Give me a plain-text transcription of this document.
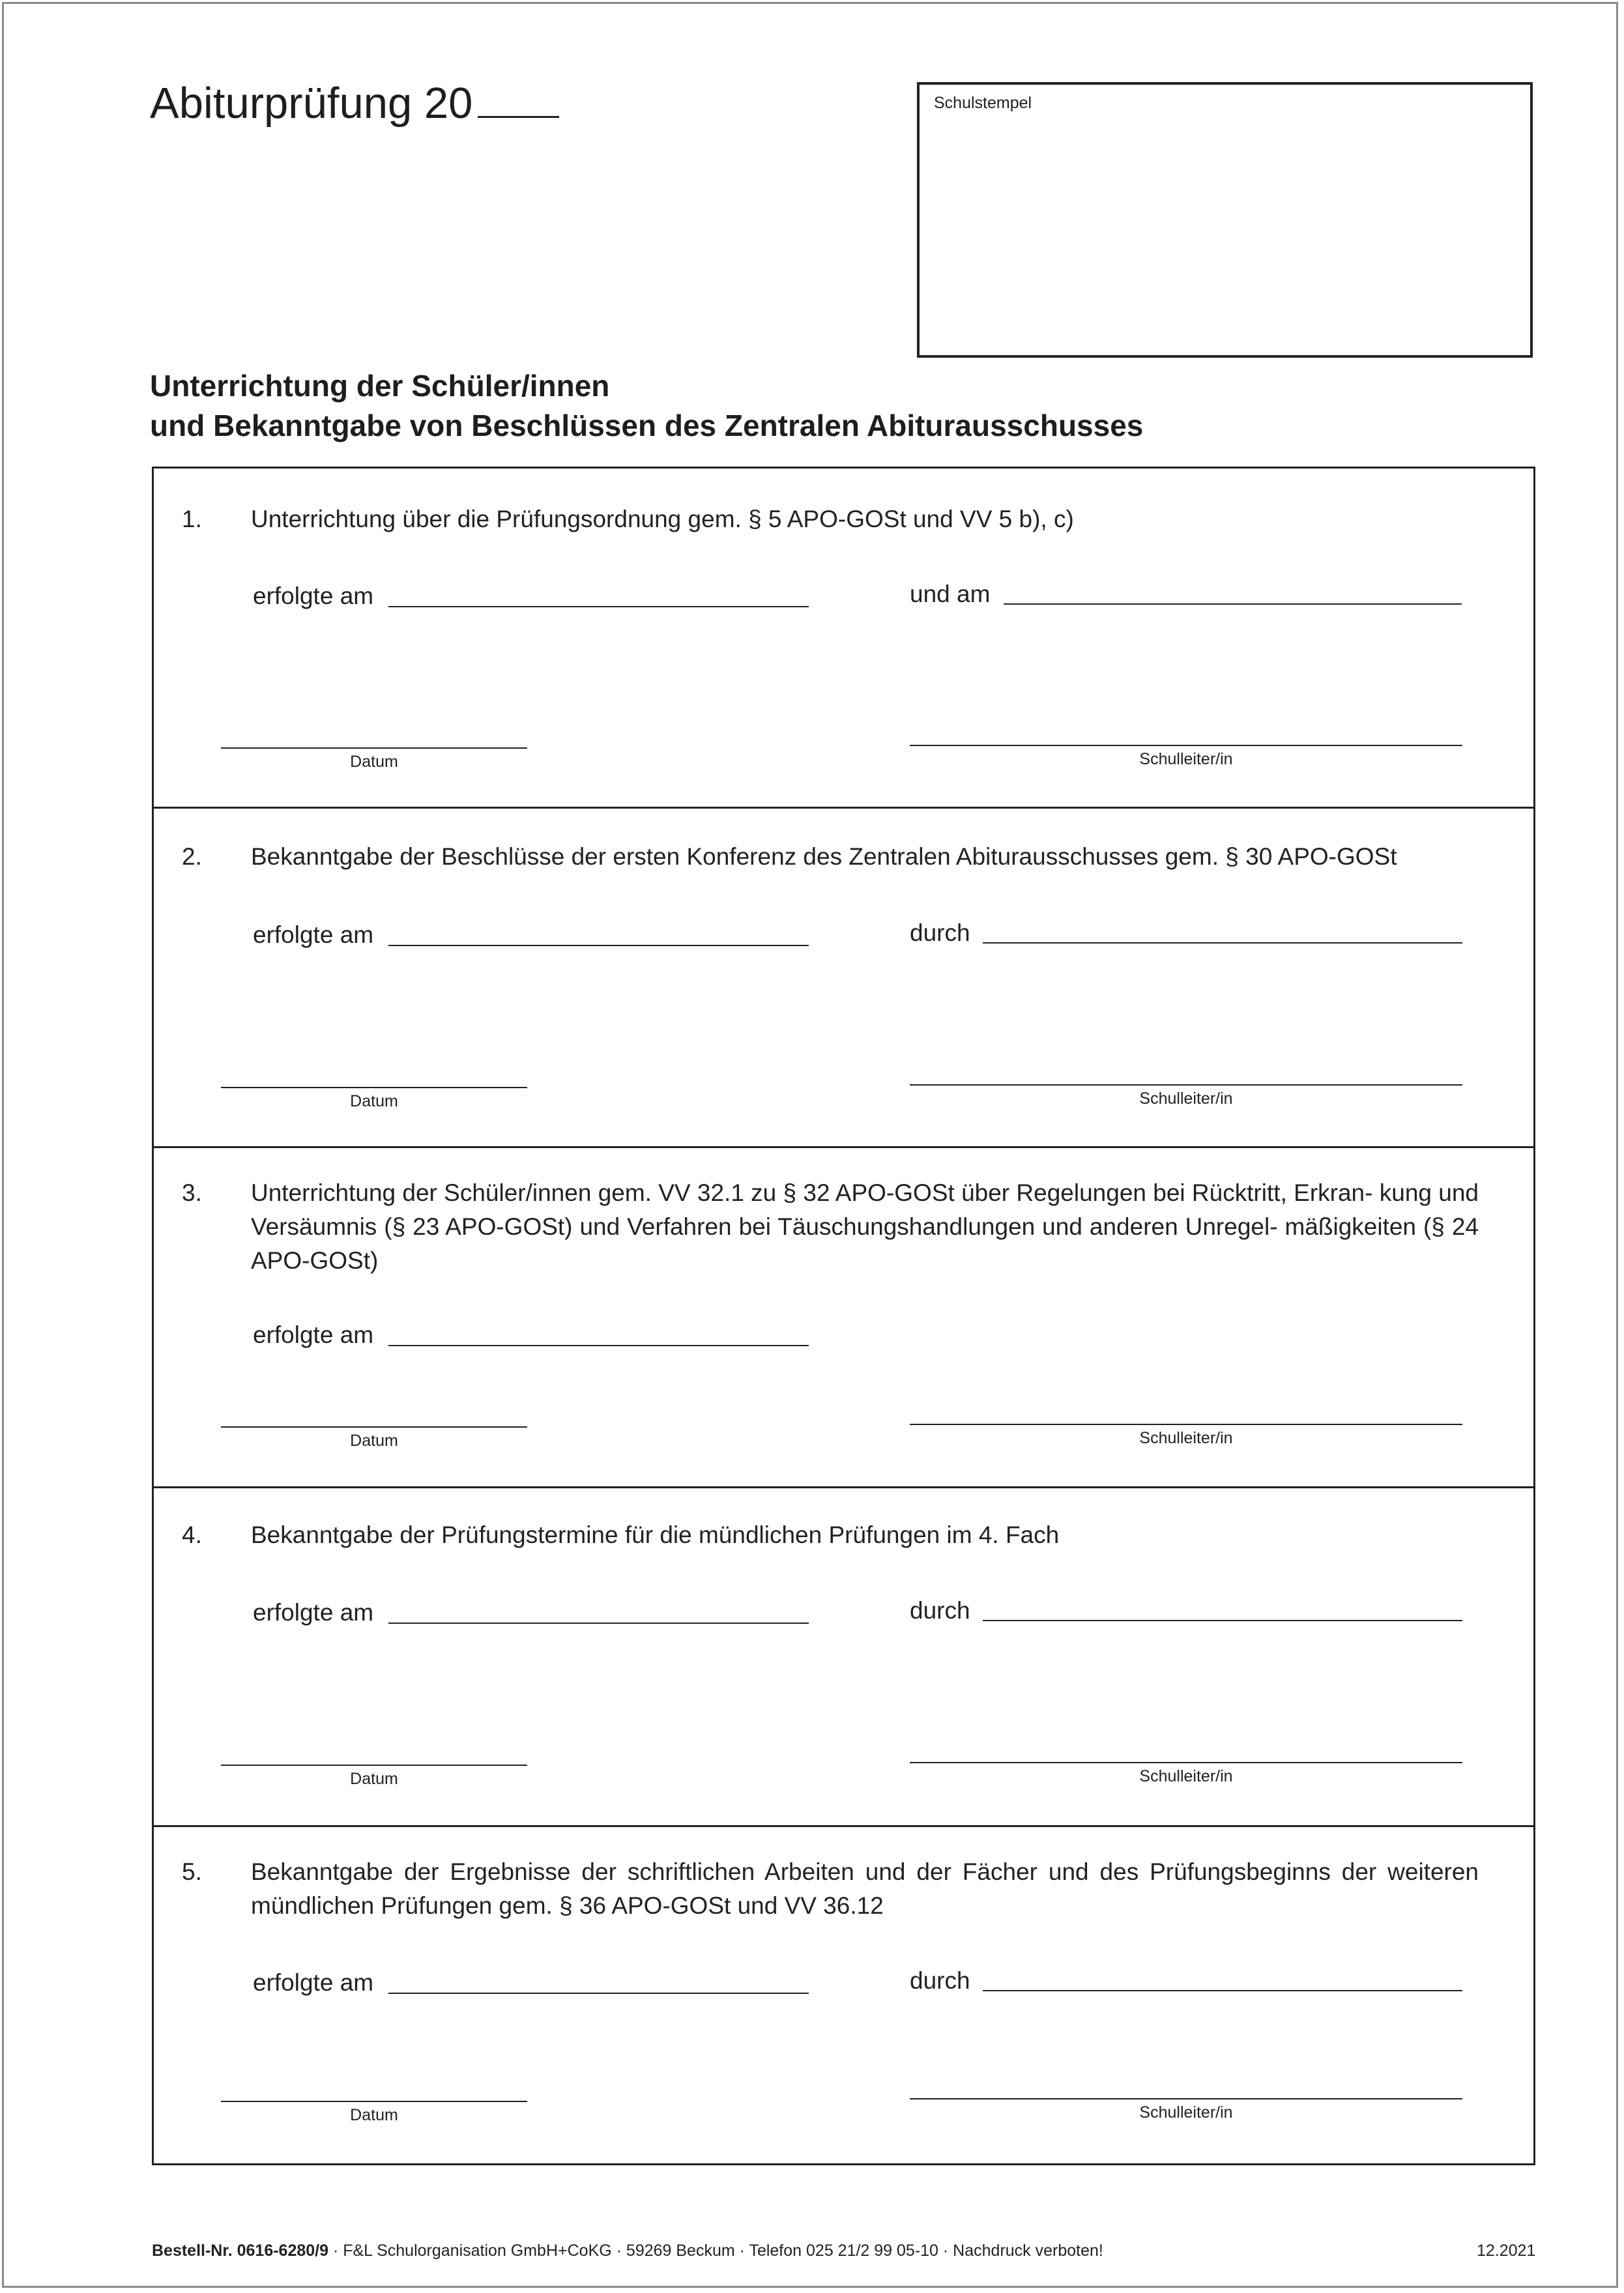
Abiturprüfung 20	Schulstempel
Unterrichtung der Schüler/innen
und Bekanntgabe von Beschlüssen des Zentralen Abiturausschusses
1. Unterrichtung über die Prüfungsordnung gem. § 5 APO-GOSt und VV 5 b), c)
erfolgte am	und am
Datum	Schulleiter/in
2. Bekanntgabe der Beschlüsse der ersten Konferenz des Zentralen Abiturausschusses gem. § 30 APO-GOSt
erfolgte am	durch
Datum	Schulleiter/in
3. Unterrichtung der Schüler/innen gem. VV 32.1 zu § 32 APO-GOSt über Regelungen bei Rücktritt, Erkran- kung und Versäumnis (§ 23 APO-GOSt) und Verfahren bei Täuschungshandlungen und anderen Unregel- mäßigkeiten (§ 24 APO-GOSt)
erfolgte am
Datum	Schulleiter/in
4. Bekanntgabe der Prüfungstermine für die mündlichen Prüfungen im 4. Fach
erfolgte am	durch
Datum	Schulleiter/in
5. Bekanntgabe der Ergebnisse der schriftlichen Arbeiten und der Fächer und des Prüfungsbeginns der weiteren mündlichen Prüfungen gem. § 36 APO-GOSt und VV 36.12
erfolgte am	durch
Datum	Schulleiter/in
Bestell-Nr. 0616-6280/9 · F&L Schulorganisation GmbH+CoKG · 59269 Beckum · Telefon 025 21/2 99 05-10 · Nachdruck verboten!	12.2021
